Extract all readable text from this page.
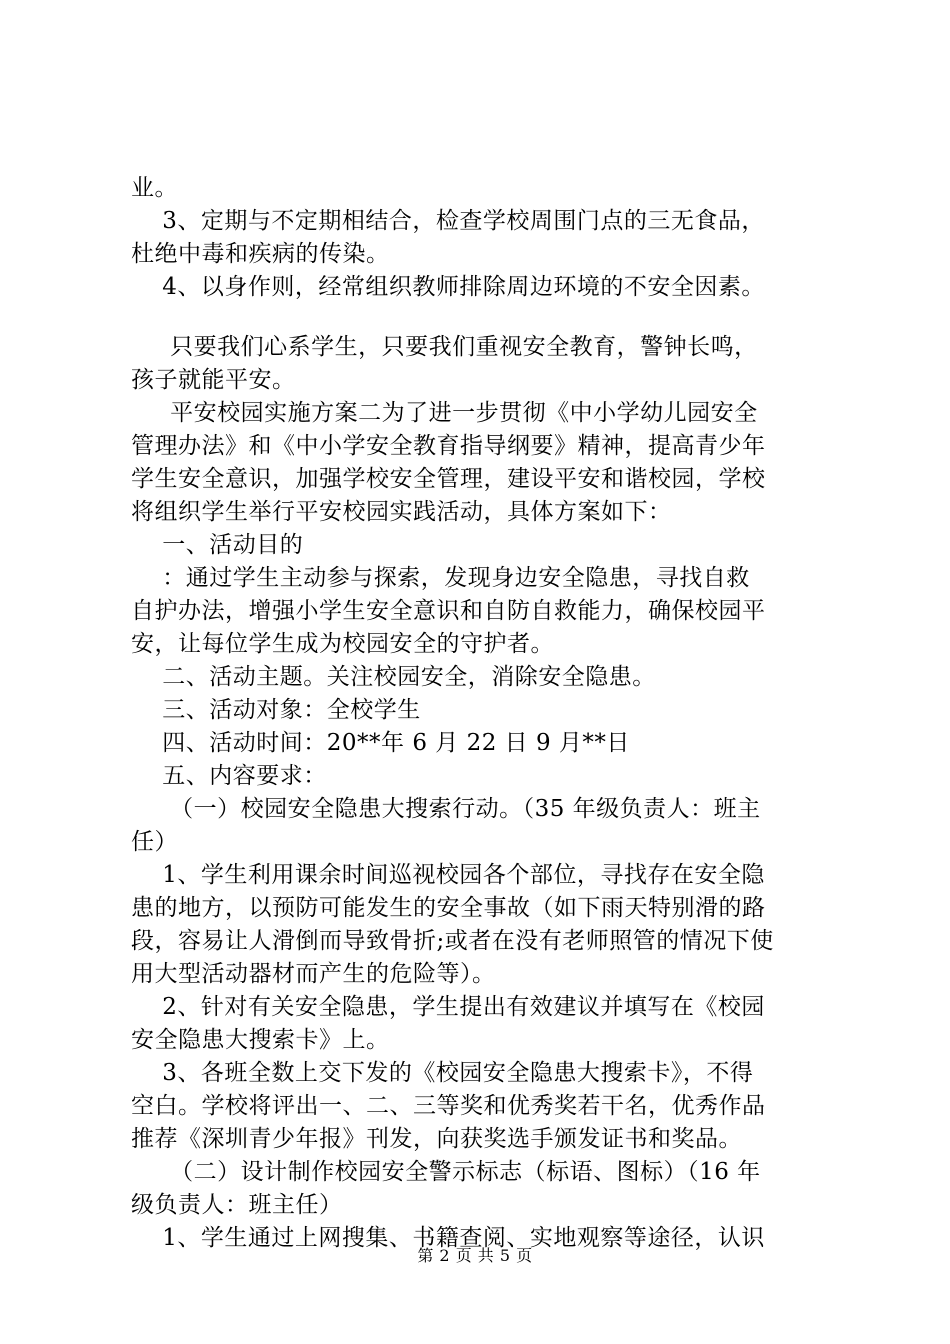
业。

3、定期与不定期相结合，检查学校周围门点的三无食品，

杜绝中毒和疾病的传染。

4、以身作则，经常组织教师排除周边环境的不安全因素。

只要我们心系学生，只要我们重视安全教育，警钟长鸣，

孩子就能平安。

平安校园实施方案二为了进一步贯彻《中小学幼儿园安全

管理办法》和《中小学安全教育指导纲要》精神，提高青少年

学生安全意识，加强学校安全管理，建设平安和谐校园，学校

将组织学生举行平安校园实践活动，具体方案如下：

一、活动目的

：通过学生主动参与探索，发现身边安全隐患，寻找自救

自护办法，增强小学生安全意识和自防自救能力，确保校园平

安，让每位学生成为校园安全的守护者。

二、活动主题。关注校园安全，消除安全隐患。

三、活动对象：全校学生

四、活动时间：20**年 6 月 22 日 9 月**日

五、内容要求：

（一）校园安全隐患大搜索行动。（35 年级负责人：班主

任）

1、学生利用课余时间巡视校园各个部位，寻找存在安全隐

患的地方，以预防可能发生的安全事故（如下雨天特别滑的路

段，容易让人滑倒而导致骨折;或者在没有老师照管的情况下使

用大型活动器材而产生的危险等）。

2、针对有关安全隐患，学生提出有效建议并填写在《校园

安全隐患大搜索卡》上。

3、各班全数上交下发的《校园安全隐患大搜索卡》，不得

空白。学校将评出一、二、三等奖和优秀奖若干名，优秀作品

推荐《深圳青少年报》刊发，向获奖选手颁发证书和奖品。

（二）设计制作校园安全警示标志（标语、图标）（16 年

级负责人：班主任）

1、学生通过上网搜集、书籍查阅、实地观察等途径，认识

第 2 页 共 5 页
